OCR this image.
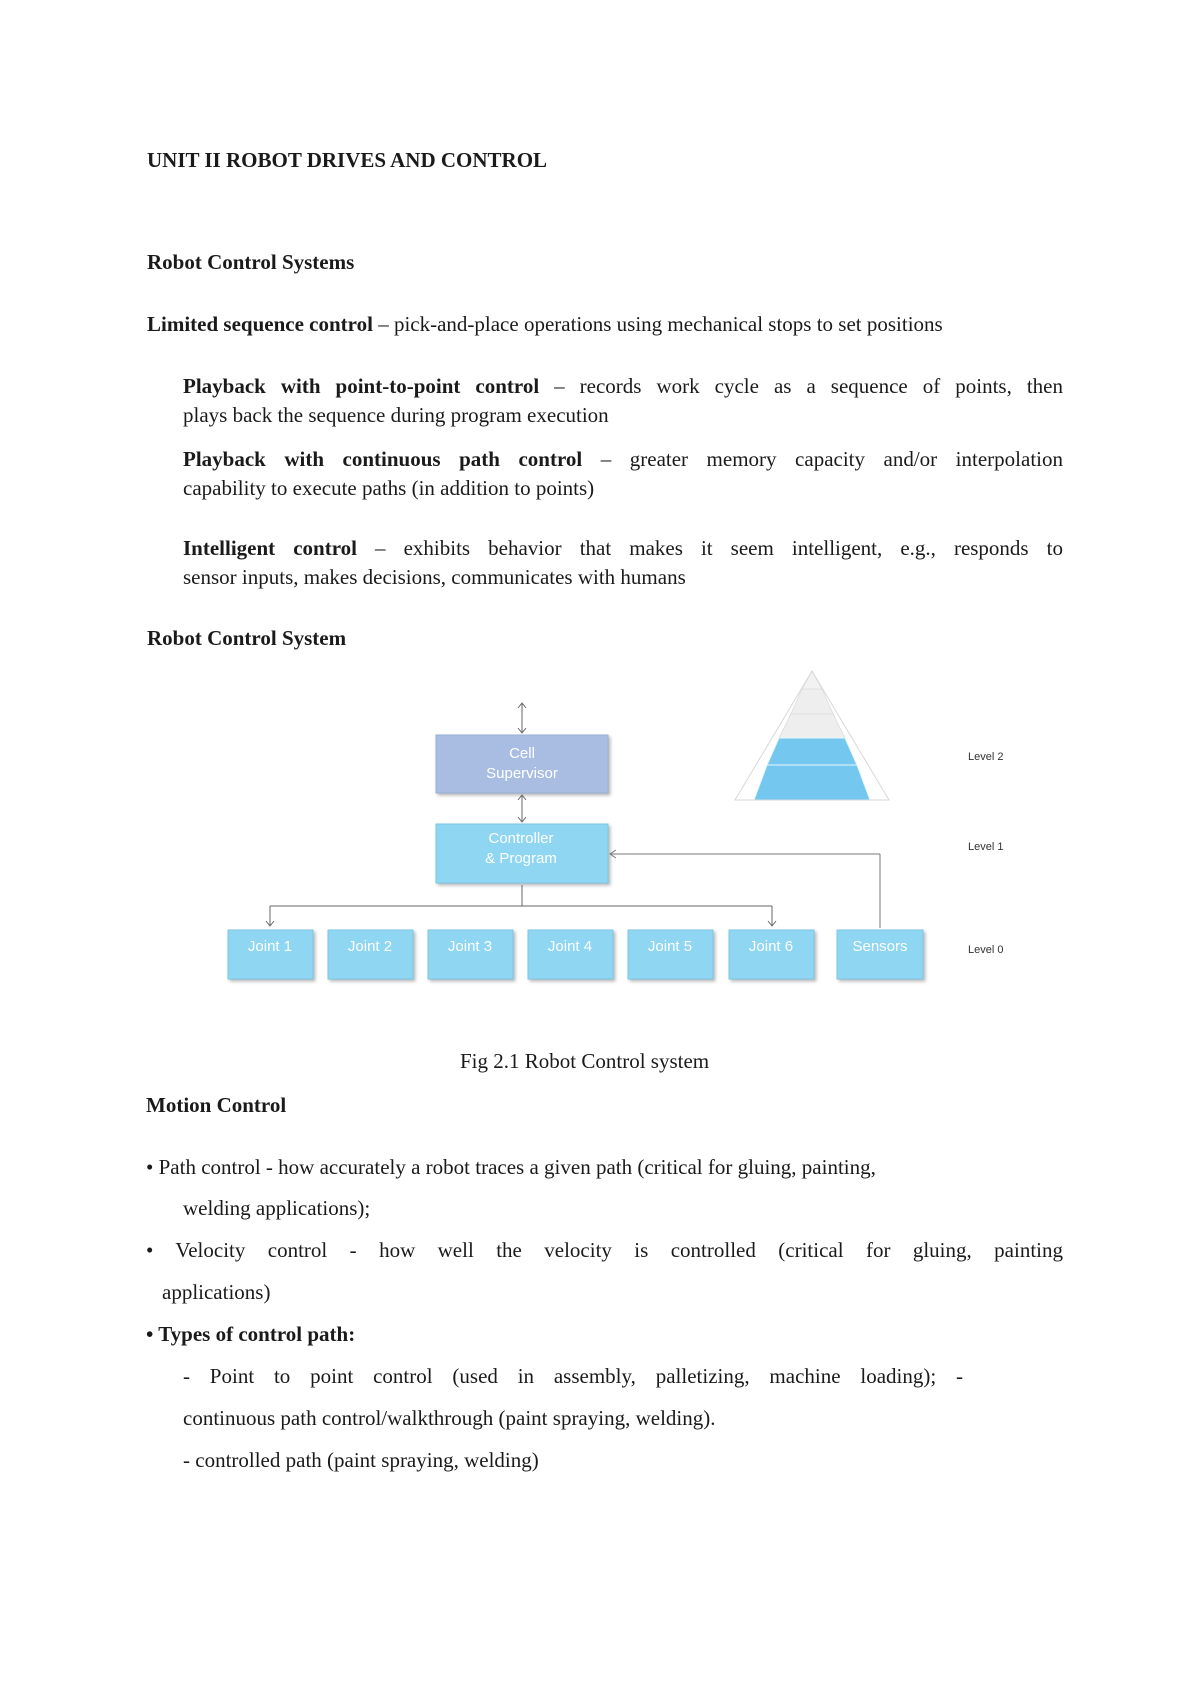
UNIT II ROBOT DRIVES AND CONTROL
Robot Control Systems
Limited sequence control – pick-and-place operations using mechanical stops to set positions
Playback with point-to-point control – records work cycle as a sequence of points, then
plays back the sequence during program execution
Playback with continuous path control – greater memory capacity and/or interpolation
capability to execute paths (in addition to points)
Intelligent control – exhibits behavior that makes it seem intelligent, e.g., responds to
sensor inputs, makes decisions, communicates with humans
Robot Control System
Cell
Supervisor
Controller
& Program
Joint 1	Joint 2	Joint 3	Joint 4	Joint 5	Joint 6	Sensors
Level 2
Level 1
Level 0
Fig 2.1 Robot Control system
Motion Control
• Path control - how accurately a robot traces a given path (critical for gluing, painting,
welding applications);
• Velocity control - how well the velocity is controlled (critical for gluing, painting
applications)
• Types of control path:
- Point to point control (used in assembly, palletizing, machine loading); -
continuous path control/walkthrough (paint spraying, welding).
- controlled path (paint spraying, welding)
